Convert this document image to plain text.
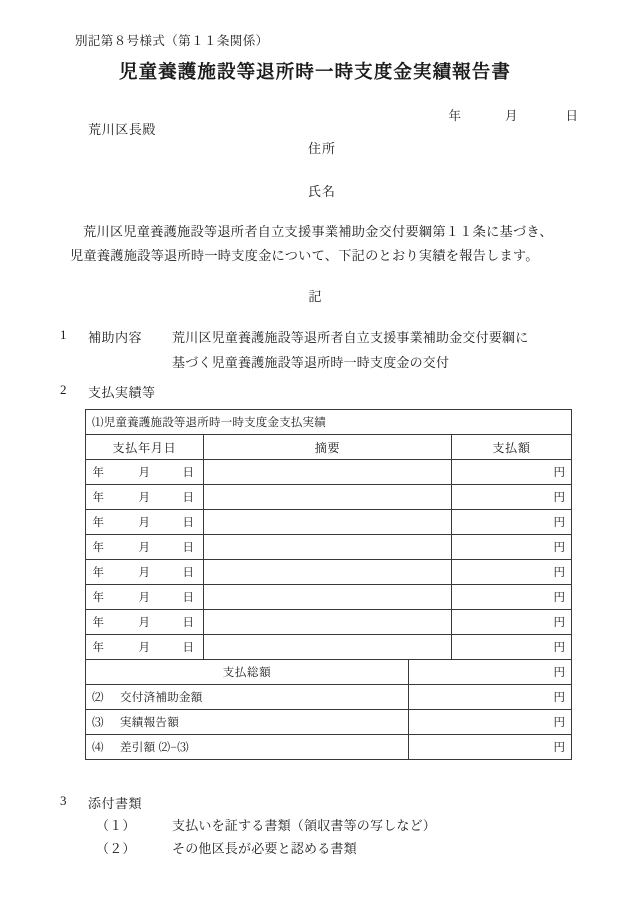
別記第８号様式（第１１条関係）
児童養護施設等退所時一時支度金実績報告書

年	月	日

荒川区長殿
住所
氏名
荒川区児童養護施設等退所者自立支援事業補助金交付要綱第１１条に基づき、
児童養護施設等退所時一時支度金について、下記のとおり実績を報告します。
記
1 補助内容 荒川区児童養護施設等退所者自立支援事業補助金交付要綱に
基づく児童養護施設等退所時一時支度金の交付
2 支払実績等
⑴児童養護施設等退所時一時支度金支払実績			
支払年月日	摘要		支払額
年 月 日			円
年 月 日			円
年 月 日			円
年 月 日			円
年 月 日			円
年 月 日			円
年 月 日			円
年 月 日			円
支払総額		円	
⑵ 交付済補助金額		円	
⑶ 実績報告額		円	
⑷ 差引額 ⑵−⑶		円	
3 添付書類
（１）	支払いを証する書類（領収書等の写しなど）
（２）	その他区長が必要と認める書類
